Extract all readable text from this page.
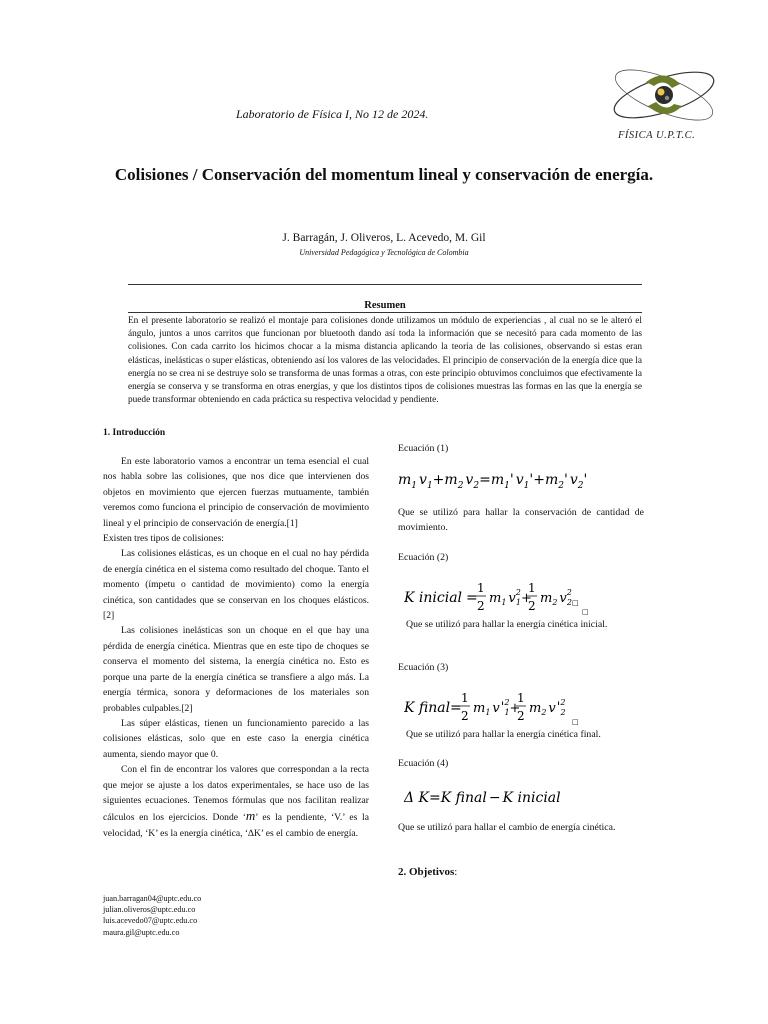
Laboratorio de Física I, No 12 de 2024.
FÍSICA U.P.T.C.
Colisiones / Conservación del momentum lineal y conservación de energía.
J. Barragán, J. Oliveros, L. Acevedo, M. Gil
Universidad Pedagógica y Tecnológica de Colombia
Resumen
En el presente laboratorio se realizó el montaje para colisiones donde utilizamos un módulo de experiencias , al cual no se le alteró el ángulo, juntos a unos carritos que funcionan por bluetooth dando así toda la información que se necesitó para cada momento de las colisiones. Con cada carrito los hicimos chocar a la misma distancia aplicando la teoría de las colisiones, observando si estas eran elásticas, inelásticas o super elásticas, obteniendo así los valores de las velocidades. El principio de conservación de la energía dice que la energía no se crea ni se destruye solo se transforma de unas formas a otras, con este principio obtuvimos concluimos que efectivamente la energía se conserva y se transforma en otras energías, y que los distintos tipos de colisiones muestras las formas en las que la energía se puede transformar obteniendo en cada práctica su respectiva velocidad y pendiente.
1. Introducción

En este laboratorio vamos a encontrar un tema esencial el cual nos habla sobre las colisiones, que nos dice que intervienen dos objetos en movimiento que ejercen fuerzas mutuamente, también veremos como funciona el principio de conservación de movimiento lineal y el principio de conservación de energía.[1]

Existen tres tipos de colisiones:

Las colisiones elásticas, es un choque en el cual no hay pérdida de energía cinética en el sistema como resultado del choque. Tanto el momento (ímpetu o cantidad de movimiento) como la energía cinética, son cantidades que se conservan en los choques elásticos.[2]

Las colisiones inelásticas son un choque en el que hay una pérdida de energía cinética. Mientras que en este tipo de choques se conserva el momento del sistema, la energía cinética no. Esto es porque una parte de la energía cinética se transfiere a algo más. La energía térmica, sonora y deformaciones de los materiales son probables culpables.[2]

Las súper elásticas, tienen un funcionamiento parecido a las colisiones elásticas, solo que en este caso la energía cinética aumenta, siendo mayor que 0.

Con el fin de encontrar los valores que correspondan a la recta que mejor se ajuste a los datos experimentales, se hace uso de las siguientes ecuaciones. Tenemos fórmulas que nos facilitan realizar cálculos en los ejercicios. Donde ‘m’ es la pendiente, ‘V.’ es la velocidad, ‘K’ es la energía cinética, ‘∆K’ es el cambio de energía.

juan.barragan04@uptc.edu.co
julian.oliveros@uptc.edu.co
luis.acevedo07@uptc.edu.co
maura.gil@uptc.edu.co
Ecuación (1)
$m_1$ $v_1+m_2$ $v_2=m_1'$ $v_1'+m_2'$ $v_2'$
Que se utilizó para hallar la conservación de cantidad de movimiento.
Ecuación (2)
K inicial =
1
2 $m_1$ $v^2$ 1+
1
2 $m_2$ $v^2$ 2□
□
Que se utilizó para hallar la energía cinética inicial.
Ecuación (3)
K final =
1
2 $m_1$ $v'^2$ 1+
1
2 $m_2$ $v'^2$ 2
□
Que se utilizó para hallar la energía cinética final.
Ecuación (4)
Δ K=K final − K inicial
Que se utilizó para hallar el cambio de energía cinética.
2. Objetivos:
